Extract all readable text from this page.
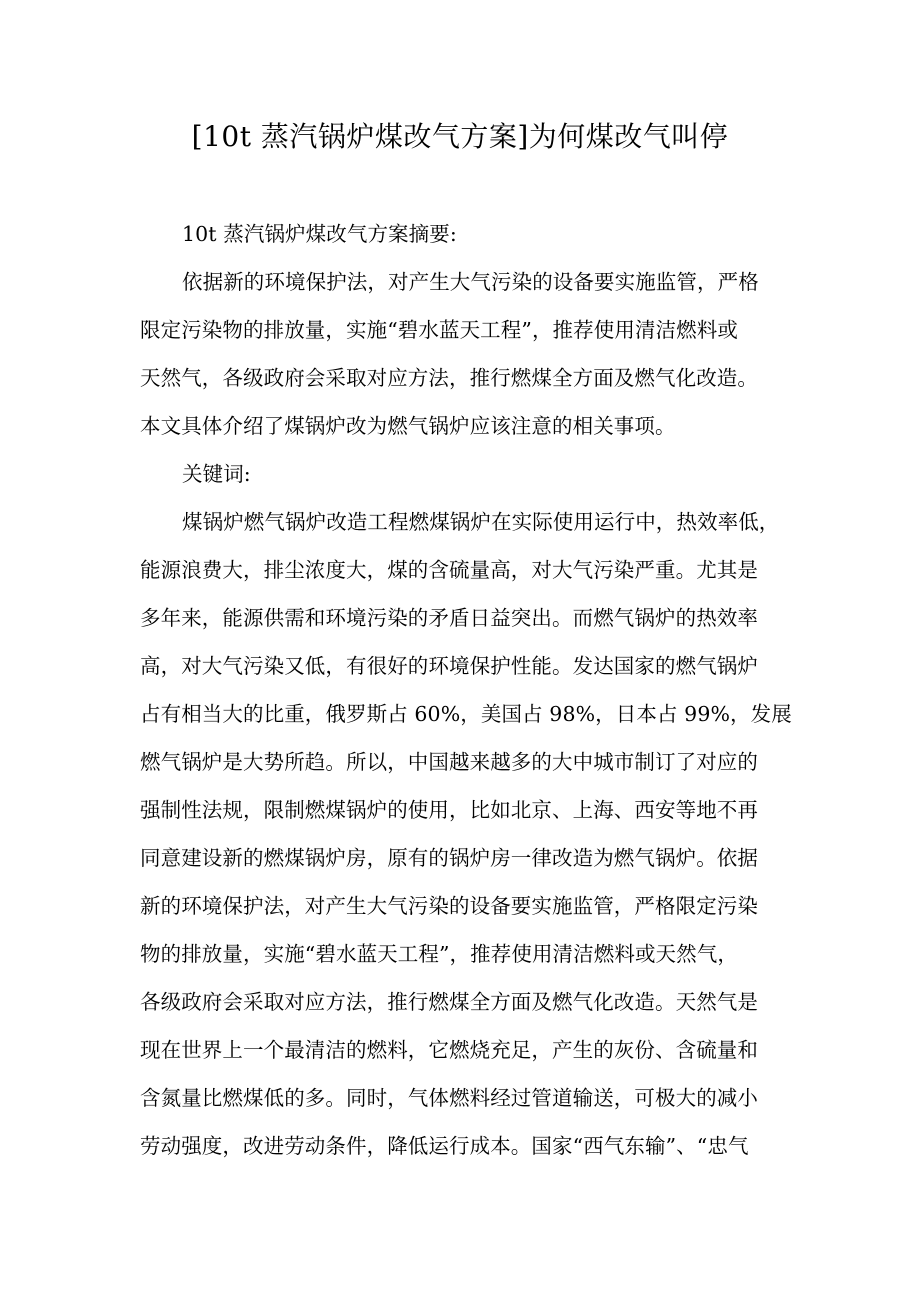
[10t 蒸汽锅炉煤改气方案]为何煤改气叫停
10t 蒸汽锅炉煤改气方案摘要:
依据新的环境保护法，对产生大气污染的设备要实施监管，严格
限定污染物的排放量，实施“碧水蓝天工程”，推荐使用清洁燃料或
天然气，各级政府会采取对应方法，推行燃煤全方面及燃气化改造。
本文具体介绍了煤锅炉改为燃气锅炉应该注意的相关事项。
关键词:
煤锅炉燃气锅炉改造工程燃煤锅炉在实际使用运行中，热效率低，
能源浪费大，排尘浓度大，煤的含硫量高，对大气污染严重。尤其是
多年来，能源供需和环境污染的矛盾日益突出。而燃气锅炉的热效率
高，对大气污染又低，有很好的环境保护性能。发达国家的燃气锅炉
占有相当大的比重，俄罗斯占 60%，美国占 98%，日本占 99%，发展
燃气锅炉是大势所趋。所以，中国越来越多的大中城市制订了对应的
强制性法规，限制燃煤锅炉的使用，比如北京、上海、西安等地不再
同意建设新的燃煤锅炉房，原有的锅炉房一律改造为燃气锅炉。依据
新的环境保护法，对产生大气污染的设备要实施监管，严格限定污染
物的排放量，实施“碧水蓝天工程”，推荐使用清洁燃料或天然气，
各级政府会采取对应方法，推行燃煤全方面及燃气化改造。天然气是
现在世界上一个最清洁的燃料，它燃烧充足，产生的灰份、含硫量和
含氮量比燃煤低的多。同时，气体燃料经过管道输送，可极大的减小
劳动强度，改进劳动条件，降低运行成本。国家“西气东输”、“忠气
